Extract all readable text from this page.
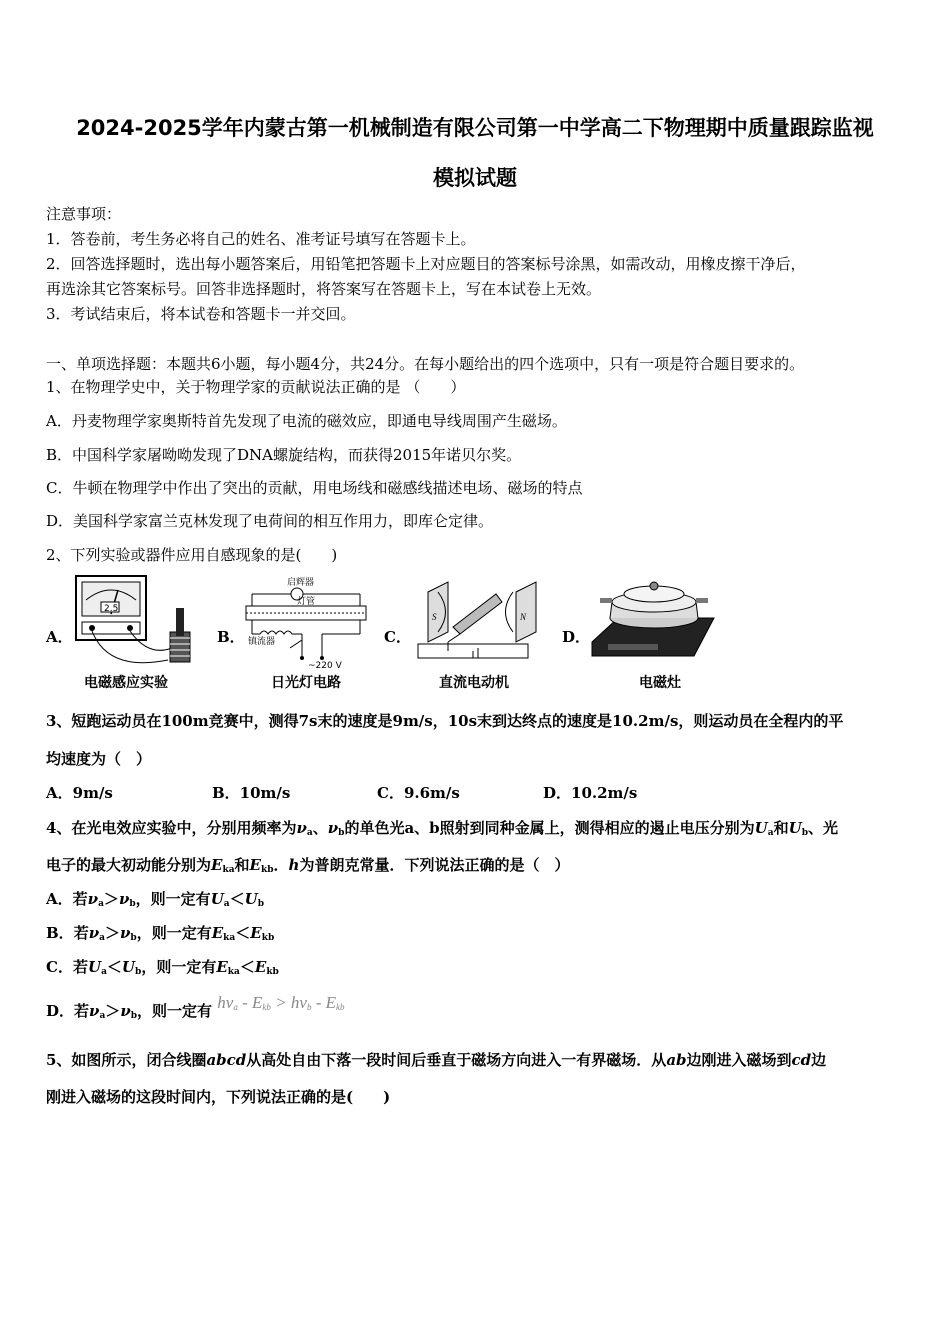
2024-2025学年内蒙古第一机械制造有限公司第一中学高二下物理期中质量跟踪监视
模拟试题
注意事项：
1．答卷前，考生务必将自己的姓名、准考证号填写在答题卡上。
2．回答选择题时，选出每小题答案后，用铅笔把答题卡上对应题目的答案标号涂黑，如需改动，用橡皮擦干净后，
再选涂其它答案标号。回答非选择题时，将答案写在答题卡上，写在本试卷上无效。
3．考试结束后，将本试卷和答题卡一并交回。
一、单项选择题：本题共6小题，每小题4分，共24分。在每小题给出的四个选项中，只有一项是符合题目要求的。
1、在物理学史中，关于物理学家的贡献说法正确的是 （　　）
A．丹麦物理学家奥斯特首先发现了电流的磁效应，即通电导线周围产生磁场。
B．中国科学家屠呦呦发现了DNA螺旋结构，而获得2015年诺贝尔奖。
C．牛顿在物理学中作出了突出的贡献，用电场线和磁感线描述电场、磁场的特点
D．美国科学家富兰克林发现了电荷间的相互作用力，即库仑定律。
2、下列实验或器件应用自感现象的是(　　)
A．	B．	C．	D．
2.5
电磁感应实验
启辉器
灯管
镇流器
~220 V
日光灯电路
S	N
直流电动机	电磁灶
3、短跑运动员在100m竞赛中，测得7s末的速度是9m/s，10s末到达终点的速度是10.2m/s，则运动员在全程内的平
均速度为（　）
A．9m/s	B．10m/s	C．9.6m/s	D．10.2m/s
4、在光电效应实验中，分别用频率为$\nu_a$、$\nu_b$的单色光a、b照射到同种金属上，测得相应的遏止电压分别为$U_a$和$U_b$、光
电子的最大初动能分别为$E_{ka}$和$E_{kb}$．h为普朗克常量．下列说法正确的是（　）
A．若$\nu_a>\nu_b$，则一定有$U_a<U_b$
B．若$\nu_a>\nu_b$，则一定有$E_{ka}<E_{kb}$
C．若$U_a<U_b$，则一定有$E_{ka}<E_{kb}$
D．若$\nu_a>\nu_b$，则一定有 $h\nu_a - E_{kb} > h\nu_b - E_{kb}$
5、如图所示，闭合线圈abcd从高处自由下落一段时间后垂直于磁场方向进入一有界磁场．从ab边刚进入磁场到cd边
刚进入磁场的这段时间内，下列说法正确的是(　　)
